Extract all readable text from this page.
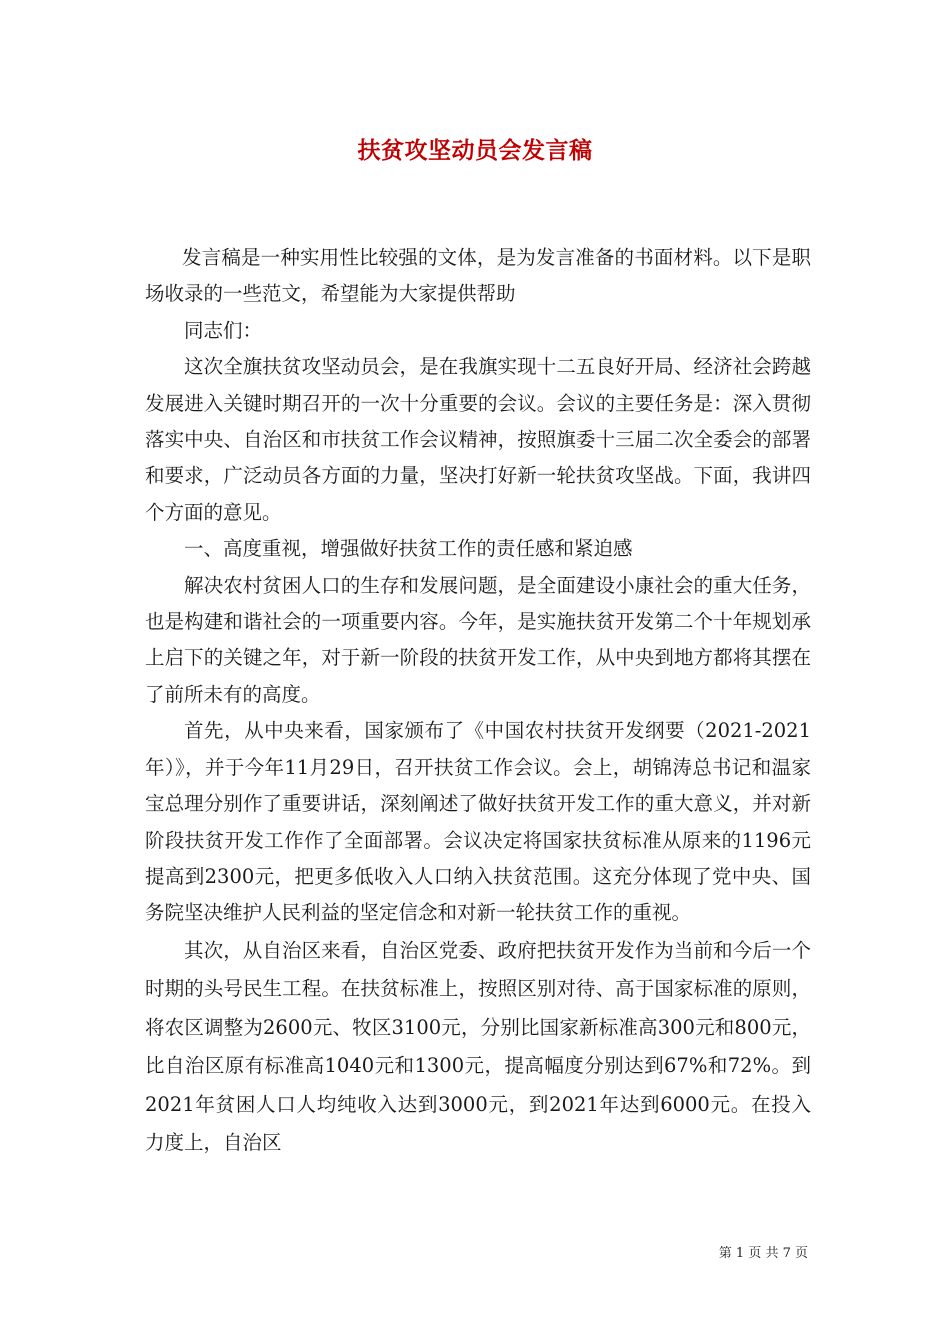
扶贫攻坚动员会发言稿

发言稿是一种实用性比较强的文体，是为发言准备的书面材料。以下是职场收录的一些范文，希望能为大家提供帮助

同志们：

这次全旗扶贫攻坚动员会，是在我旗实现十二五良好开局、经济社会跨越发展进入关键时期召开的一次十分重要的会议。会议的主要任务是：深入贯彻落实中央、自治区和市扶贫工作会议精神，按照旗委十三届二次全委会的部署和要求，广泛动员各方面的力量，坚决打好新一轮扶贫攻坚战。下面，我讲四个方面的意见。

一、高度重视，增强做好扶贫工作的责任感和紧迫感

解决农村贫困人口的生存和发展问题，是全面建设小康社会的重大任务，也是构建和谐社会的一项重要内容。今年，是实施扶贫开发第二个十年规划承上启下的关键之年，对于新一阶段的扶贫开发工作，从中央到地方都将其摆在了前所未有的高度。

首先，从中央来看，国家颁布了《中国农村扶贫开发纲要（2021-2021年）》，并于今年11月29日，召开扶贫工作会议。会上，胡锦涛总书记和温家宝总理分别作了重要讲话，深刻阐述了做好扶贫开发工作的重大意义，并对新阶段扶贫开发工作作了全面部署。会议决定将国家扶贫标准从原来的1196元提高到2300元，把更多低收入人口纳入扶贫范围。这充分体现了党中央、国务院坚决维护人民利益的坚定信念和对新一轮扶贫工作的重视。

其次，从自治区来看，自治区党委、政府把扶贫开发作为当前和今后一个时期的头号民生工程。在扶贫标准上，按照区别对待、高于国家标准的原则，将农区调整为2600元、牧区3100元，分别比国家新标准高300元和800元，比自治区原有标准高1040元和1300元，提高幅度分别达到67%和72%。到2021年贫困人口人均纯收入达到3000元，到2021年达到6000元。在投入力度上，自治区

第 1 页 共 7 页
